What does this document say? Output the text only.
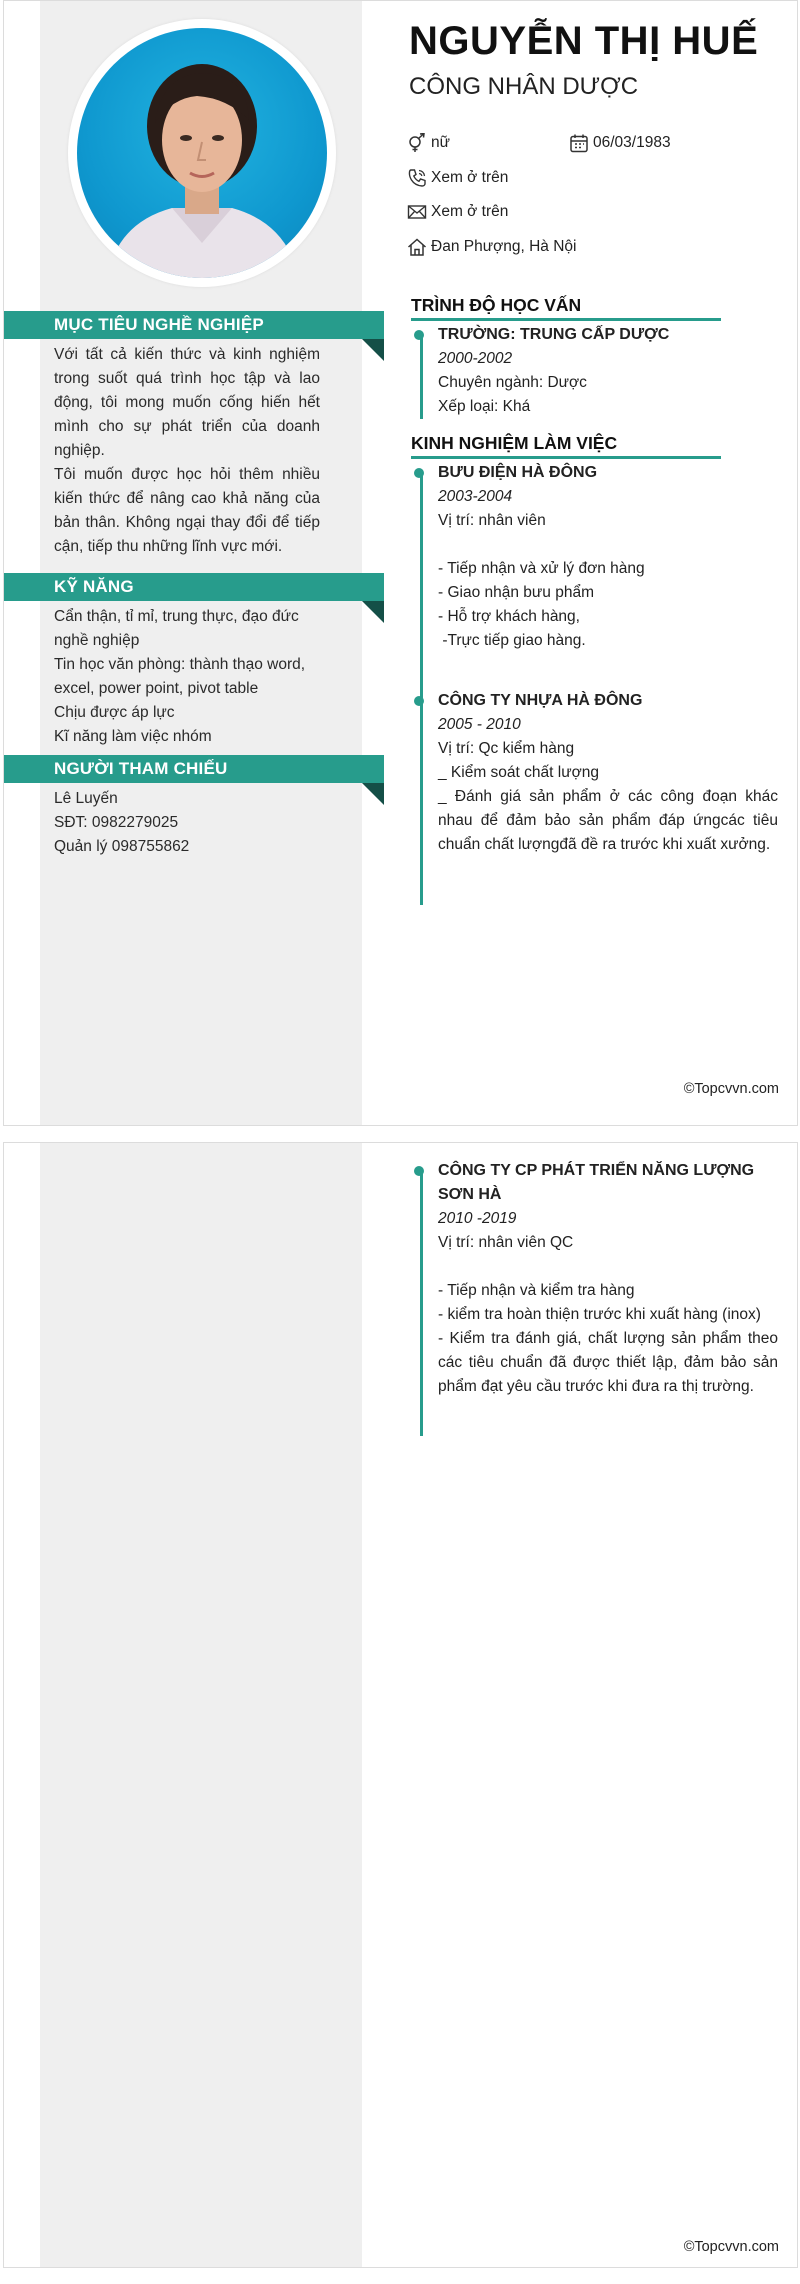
NGUYỄN THỊ HUẾ
CÔNG NHÂN DƯỢC
nữ	06/03/1983
Xem ở trên
Xem ở trên
Đan Phượng, Hà Nội
MỤC TIÊU NGHỀ NGHIỆP

Với tất cả kiến thức và kinh nghiệm trong suốt quá trình học tập và lao động, tôi mong muốn cống hiến hết mình cho sự phát triển của doanh nghiệp.

Tôi muốn được học hỏi thêm nhiều kiến thức để nâng cao khả năng của bản thân. Không ngại thay đổi để tiếp cận, tiếp thu những lĩnh vực mới.

KỸ NĂNG

Cẩn thận, tỉ mỉ, trung thực, đạo đức nghề nghiệp

Tin học văn phòng: thành thạo word, excel, power point, pivot table

Chịu được áp lực

Kĩ năng làm việc nhóm

NGƯỜI THAM CHIẾU

Lê Luyến

SĐT: 0982279025

Quản lý 098755862

TRÌNH ĐỘ HỌC VẤN
TRƯỜNG: TRUNG CẤP DƯỢC
2000-2002
Chuyên ngành: Dược
Xếp loại: Khá
KINH NGHIỆM LÀM VIỆC
BƯU ĐIỆN HÀ ĐÔNG
2003-2004
Vị trí: nhân viên

- Tiếp nhận và xử lý đơn hàng
- Giao nhận bưu phẩm
- Hỗ trợ khách hàng,
-Trực tiếp giao hàng.
CÔNG TY NHỰA HÀ ĐÔNG
2005 - 2010
Vị trí: Qc kiểm hàng
_ Kiểm soát chất lượng
_ Đánh giá sản phẩm ở các công đoạn khác nhau để đảm bảo sản phẩm đáp ứngcác tiêu chuẩn chất lượngđã đề ra trước khi xuất xưởng.
©Topcvvn.com
CÔNG TY CP PHÁT TRIỂN NĂNG LƯỢNG SƠN HÀ
2010 -2019
Vị trí: nhân viên QC

- Tiếp nhận và kiểm tra hàng
- kiểm tra hoàn thiện trước khi xuất hàng (inox)
- Kiểm tra đánh giá, chất lượng sản phẩm theo các tiêu chuẩn đã được thiết lập, đảm bảo sản phẩm đạt yêu cầu trước khi đưa ra thị trường.
©Topcvvn.com
